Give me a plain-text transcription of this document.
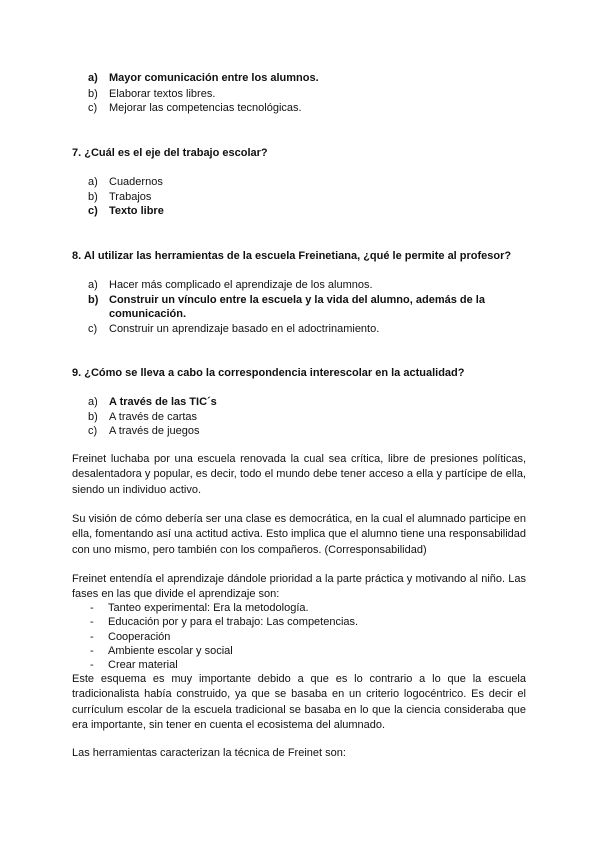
a) Mayor comunicación entre los alumnos.
b) Elaborar textos libres.
c) Mejorar las competencias tecnológicas.
7. ¿Cuál es el eje del trabajo escolar?
a) Cuadernos
b) Trabajos
c) Texto libre
8. Al utilizar las herramientas de la escuela Freinetiana, ¿qué le permite al profesor?
a) Hacer más complicado el aprendizaje de los alumnos.
b) Construir un vínculo entre la escuela y la vida del alumno, además de la
comunicación.
c) Construir un aprendizaje basado en el adoctrinamiento.
9. ¿Cómo se lleva a cabo la correspondencia interescolar en la actualidad?
a) A través de las TIC´s
b) A través de cartas
c) A través de juegos

Freinet luchaba por una escuela renovada la cual sea crítica, libre de presiones políticas, desalentadora y popular, es decir, todo el mundo debe tener acceso a ella y partícipe de ella, siendo un individuo activo.

Su visión de cómo debería ser una clase es democrática, en la cual el alumnado participe en ella, fomentando así una actitud activa. Esto implica que el alumno tiene una responsabilidad con uno mismo, pero también con los compañeros. (Corresponsabilidad)

Freinet entendía el aprendizaje dándole prioridad a la parte práctica y motivando al niño. Las fases en las que divide el aprendizaje son:

- Tanteo experimental: Era la metodología.
- Educación por y para el trabajo: Las competencias.
- Cooperación
- Ambiente escolar y social
- Crear material

Este esquema es muy importante debido a que es lo contrario a lo que la escuela tradicionalista había construido, ya que se basaba en un criterio logocéntrico. Es decir el currículum escolar de la escuela tradicional se basaba en lo que la ciencia consideraba que era importante, sin tener en cuenta el ecosistema del alumnado.

Las herramientas caracterizan la técnica de Freinet son:
